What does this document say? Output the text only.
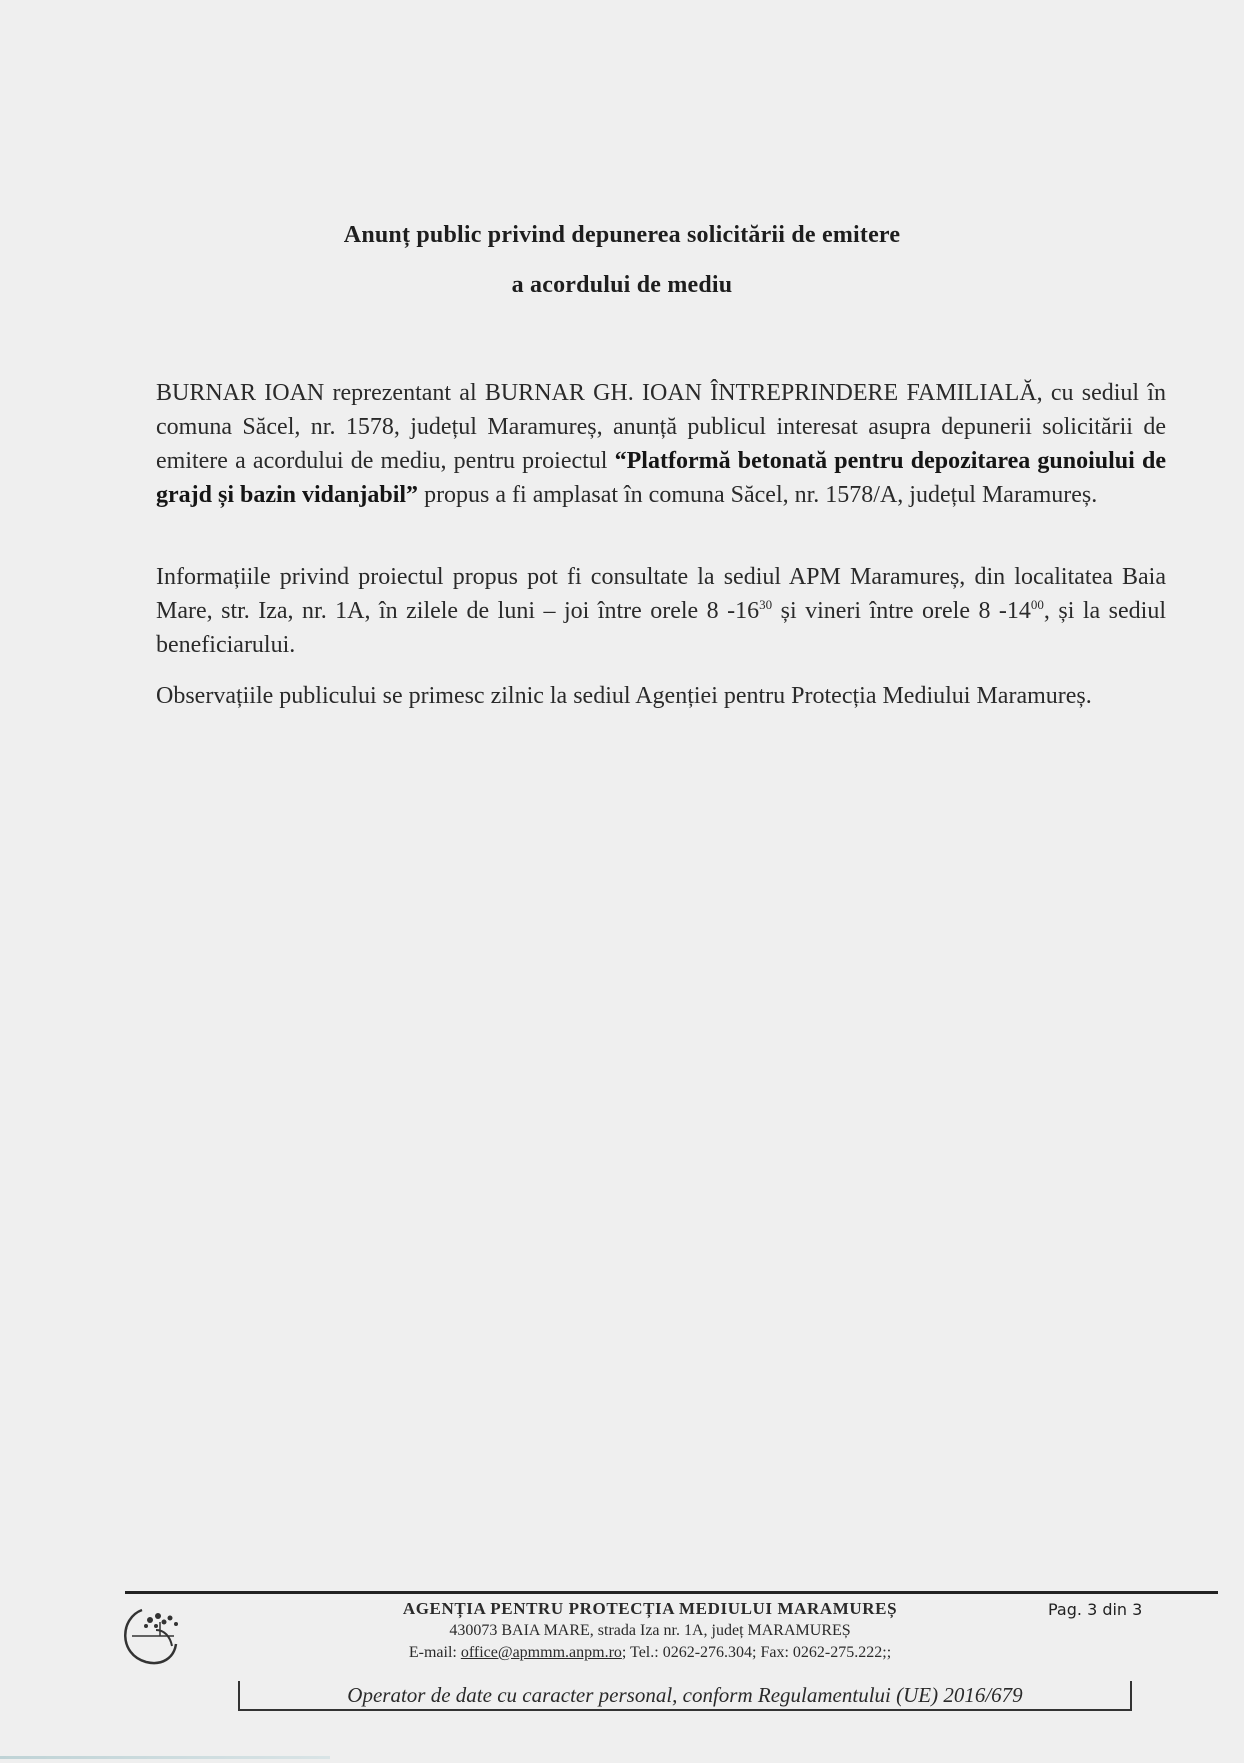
Anunț public privind depunerea solicitării de emitere
a acordului de mediu
BURNAR IOAN reprezentant al BURNAR GH. IOAN ÎNTREPRINDERE FAMILIALĂ, cu sediul în comuna Săcel, nr. 1578, județul Maramureș, anunță publicul interesat asupra depunerii solicitării de emitere a acordului de mediu, pentru proiectul “Platformă betonată pentru depozitarea gunoiului de grajd și bazin vidanjabil” propus a fi amplasat în comuna Săcel, nr. 1578/A, județul Maramureș.
Informațiile privind proiectul propus pot fi consultate la sediul APM Maramureș, din localitatea Baia Mare, str. Iza, nr. 1A, în zilele de luni – joi între orele 8 $-16^{30}$ și vineri între orele 8 $-14^{00}$, și la sediul beneficiarului.
Observațiile publicului se primesc zilnic la sediul Agenției pentru Protecția Mediului Maramureș.
AGENȚIA PENTRU PROTECȚIA MEDIULUI MARAMUREȘ
430073 BAIA MARE, strada Iza nr. 1A, județ MARAMUREȘ
E-mail: office@apmmm.anpm.ro; Tel.: 0262-276.304; Fax: 0262-275.222;;
Pag. 3 din 3
Operator de date cu caracter personal, conform Regulamentului (UE) 2016/679
